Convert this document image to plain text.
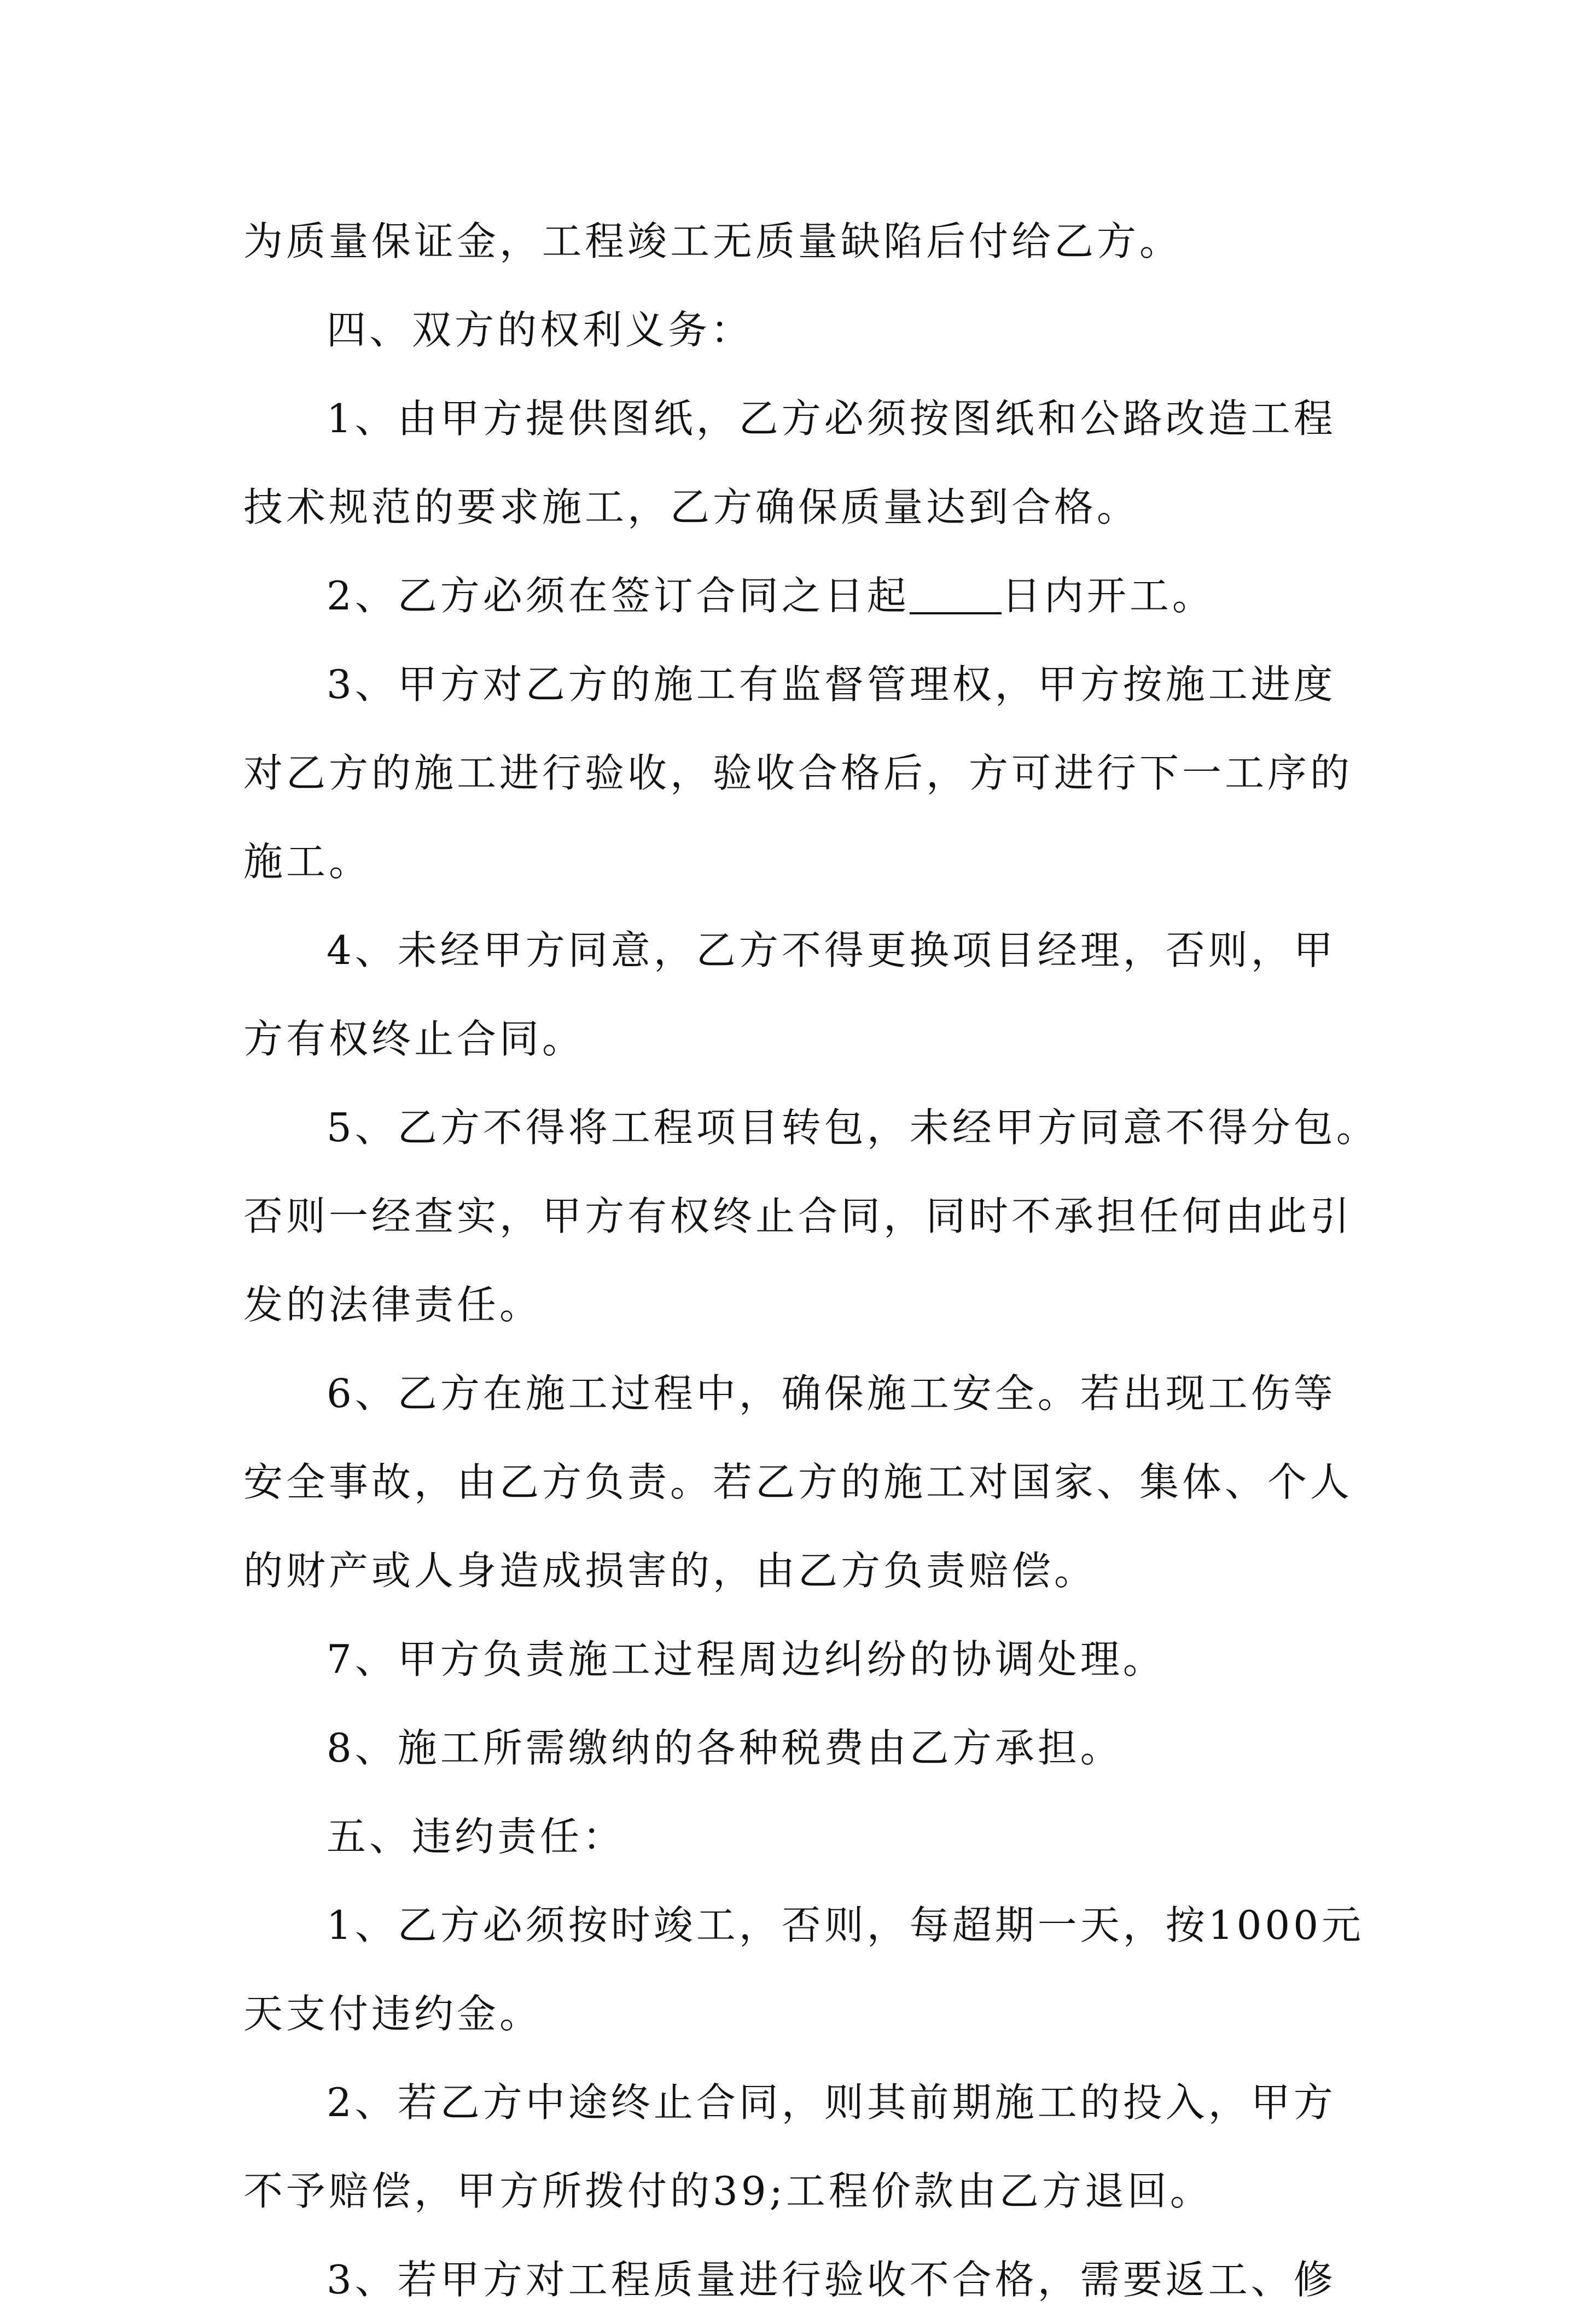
为质量保证金，工程竣工无质量缺陷后付给乙方。

四、双方的权利义务：

1、由甲方提供图纸，乙方必须按图纸和公路改造工程

技术规范的要求施工，乙方确保质量达到合格。

2、乙方必须在签订合同之日起 日内开工。

3、甲方对乙方的施工有监督管理权，甲方按施工进度

对乙方的施工进行验收，验收合格后，方可进行下一工序的

施工。

4、未经甲方同意，乙方不得更换项目经理，否则，甲

方有权终止合同。

5、乙方不得将工程项目转包，未经甲方同意不得分包。

否则一经查实，甲方有权终止合同，同时不承担任何由此引

发的法律责任。

6、乙方在施工过程中，确保施工安全。若出现工伤等

安全事故，由乙方负责。若乙方的施工对国家、集体、个人

的财产或人身造成损害的，由乙方负责赔偿。

7、甲方负责施工过程周边纠纷的协调处理。

8、施工所需缴纳的各种税费由乙方承担。

五、违约责任：

1、乙方必须按时竣工，否则，每超期一天，按1000元

天支付违约金。

2、若乙方中途终止合同，则其前期施工的投入，甲方

不予赔偿，甲方所拨付的39;工程价款由乙方退回。

3、若甲方对工程质量进行验收不合格，需要返工、修
